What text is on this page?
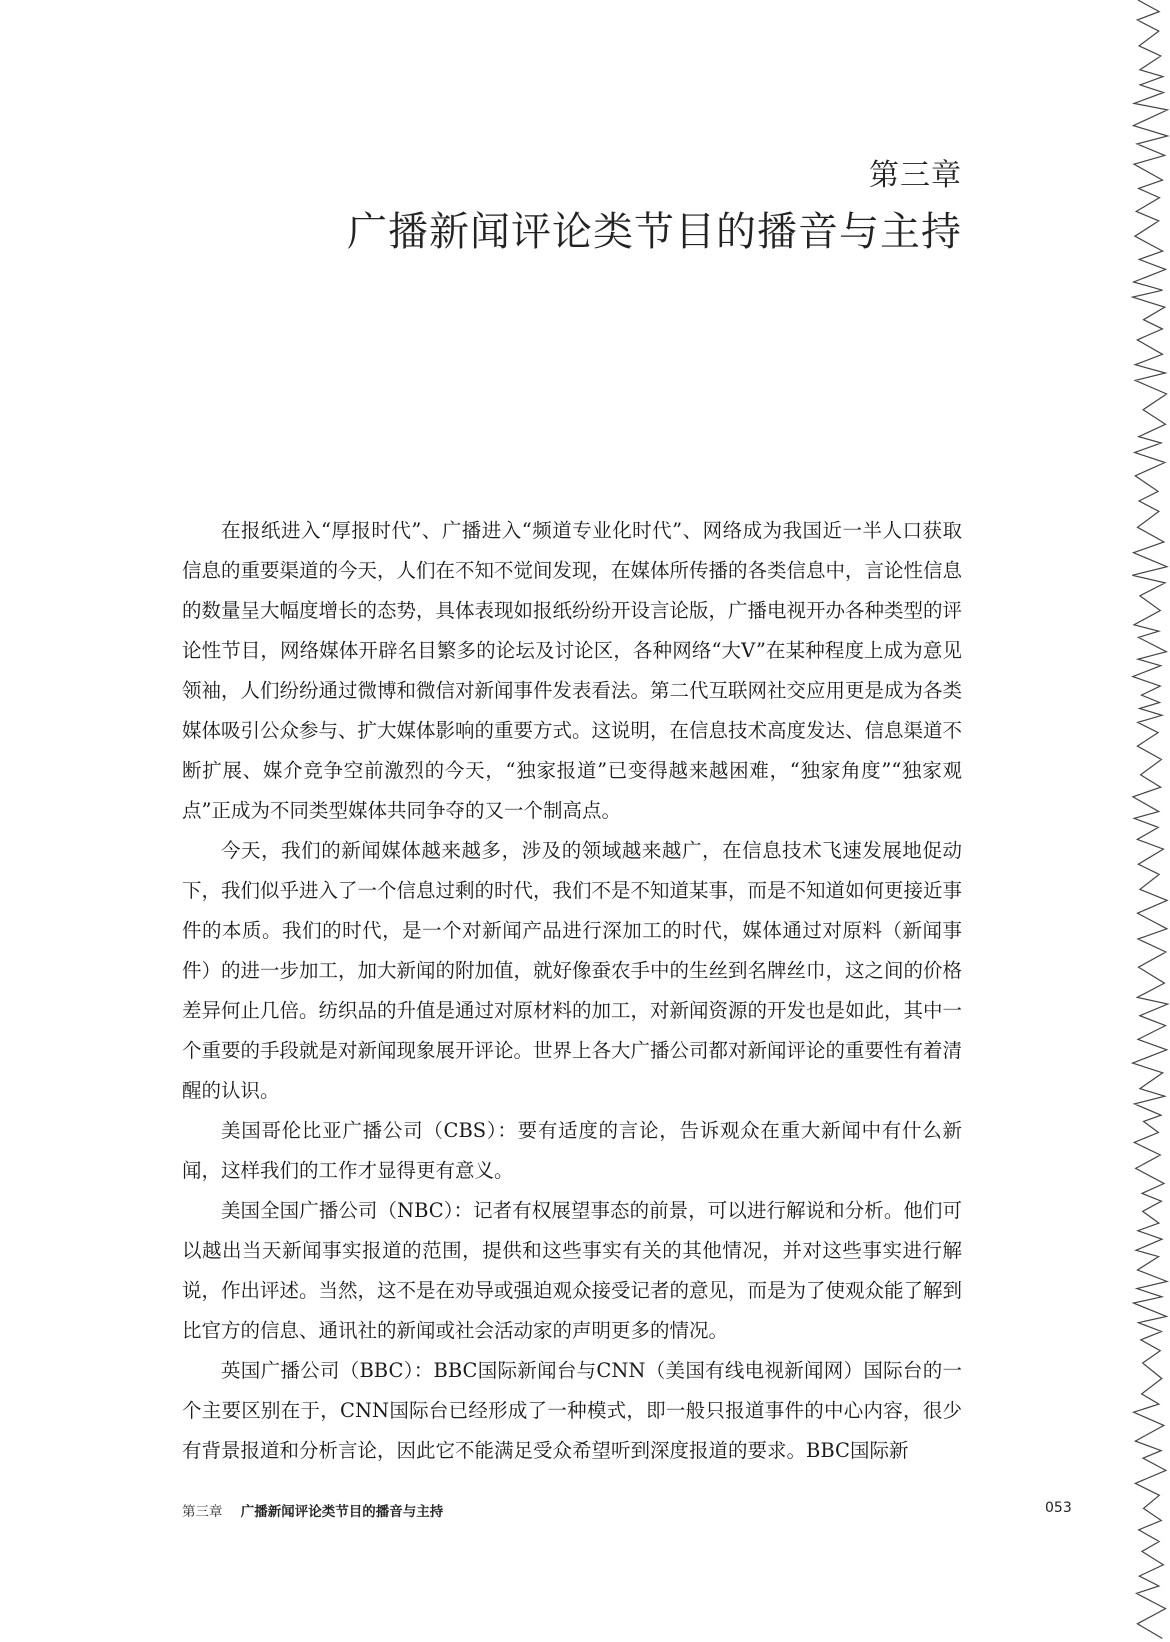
第三章
广播新闻评论类节目的播音与主持

在报纸进入“厚报时代”、广播进入“频道专业化时代”、网络成为我国近一半人口获取信息的重要渠道的今天，人们在不知不觉间发现，在媒体所传播的各类信息中，言论性信息的数量呈大幅度增长的态势，具体表现如报纸纷纷开设言论版，广播电视开办各种类型的评论性节目，网络媒体开辟名目繁多的论坛及讨论区，各种网络“大V”在某种程度上成为意见领袖，人们纷纷通过微博和微信对新闻事件发表看法。第二代互联网社交应用更是成为各类媒体吸引公众参与、扩大媒体影响的重要方式。这说明，在信息技术高度发达、信息渠道不断扩展、媒介竞争空前激烈的今天，“独家报道”已变得越来越困难，“独家角度”“独家观点”正成为不同类型媒体共同争夺的又一个制高点。

今天，我们的新闻媒体越来越多，涉及的领域越来越广，在信息技术飞速发展地促动下，我们似乎进入了一个信息过剩的时代，我们不是不知道某事，而是不知道如何更接近事件的本质。我们的时代，是一个对新闻产品进行深加工的时代，媒体通过对原料（新闻事件）的进一步加工，加大新闻的附加值，就好像蚕农手中的生丝到名牌丝巾，这之间的价格差异何止几倍。纺织品的升值是通过对原材料的加工，对新闻资源的开发也是如此，其中一个重要的手段就是对新闻现象展开评论。世界上各大广播公司都对新闻评论的重要性有着清醒的认识。

美国哥伦比亚广播公司（CBS）：要有适度的言论，告诉观众在重大新闻中有什么新闻，这样我们的工作才显得更有意义。

美国全国广播公司（NBC）：记者有权展望事态的前景，可以进行解说和分析。他们可以越出当天新闻事实报道的范围，提供和这些事实有关的其他情况，并对这些事实进行解说，作出评述。当然，这不是在劝导或强迫观众接受记者的意见，而是为了使观众能了解到比官方的信息、通讯社的新闻或社会活动家的声明更多的情况。

英国广播公司（BBC）：BBC国际新闻台与CNN（美国有线电视新闻网）国际台的一个主要区别在于，CNN国际台已经形成了一种模式，即一般只报道事件的中心内容，很少有背景报道和分析言论，因此它不能满足受众希望听到深度报道的要求。BBC国际新

第三章 广播新闻评论类节目的播音与主持	053
